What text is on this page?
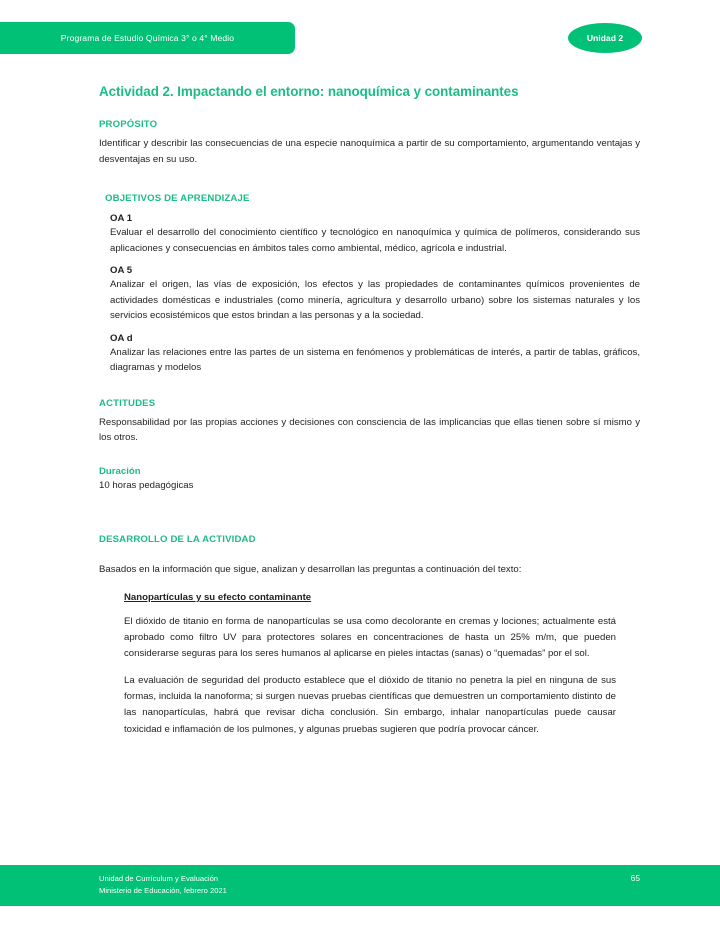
Programa de Estudio Química 3° o 4° Medio	Unidad 2
Actividad 2. Impactando el entorno: nanoquímica y contaminantes
PROPÓSITO
Identificar y describir las consecuencias de una especie nanoquímica a partir de su comportamiento, argumentando ventajas y desventajas en su uso.
OBJETIVOS DE APRENDIZAJE
OA 1
Evaluar el desarrollo del conocimiento científico y tecnológico en nanoquímica y química de polímeros, considerando sus aplicaciones y consecuencias en ámbitos tales como ambiental, médico, agrícola e industrial.
OA 5
Analizar el origen, las vías de exposición, los efectos y las propiedades de contaminantes químicos provenientes de actividades domésticas e industriales (como minería, agricultura y desarrollo urbano) sobre los sistemas naturales y los servicios ecosistémicos que estos brindan a las personas y a la sociedad.
OA d
Analizar las relaciones entre las partes de un sistema en fenómenos y problemáticas de interés, a partir de tablas, gráficos, diagramas y modelos
ACTITUDES
Responsabilidad por las propias acciones y decisiones con consciencia de las implicancias que ellas tienen sobre sí mismo y los otros.
Duración
10 horas pedagógicas
DESARROLLO DE LA ACTIVIDAD
Basados en la información que sigue, analizan y desarrollan las preguntas a continuación del texto:
Nanopartículas y su efecto contaminante

El dióxido de titanio en forma de nanopartículas se usa como decolorante en cremas y lociones; actualmente está aprobado como filtro UV para protectores solares en concentraciones de hasta un 25% m/m, que pueden considerarse seguras para los seres humanos al aplicarse en pieles intactas (sanas) o “quemadas” por el sol.

La evaluación de seguridad del producto establece que el dióxido de titanio no penetra la piel en ninguna de sus formas, incluida la nanoforma; si surgen nuevas pruebas científicas que demuestren un comportamiento distinto de las nanopartículas, habrá que revisar dicha conclusión. Sin embargo, inhalar nanopartículas puede causar toxicidad e inflamación de los pulmones, y algunas pruebas sugieren que podría provocar cáncer.

Unidad de Currículum y Evaluación
Ministerio de Educación, febrero 2021
65
